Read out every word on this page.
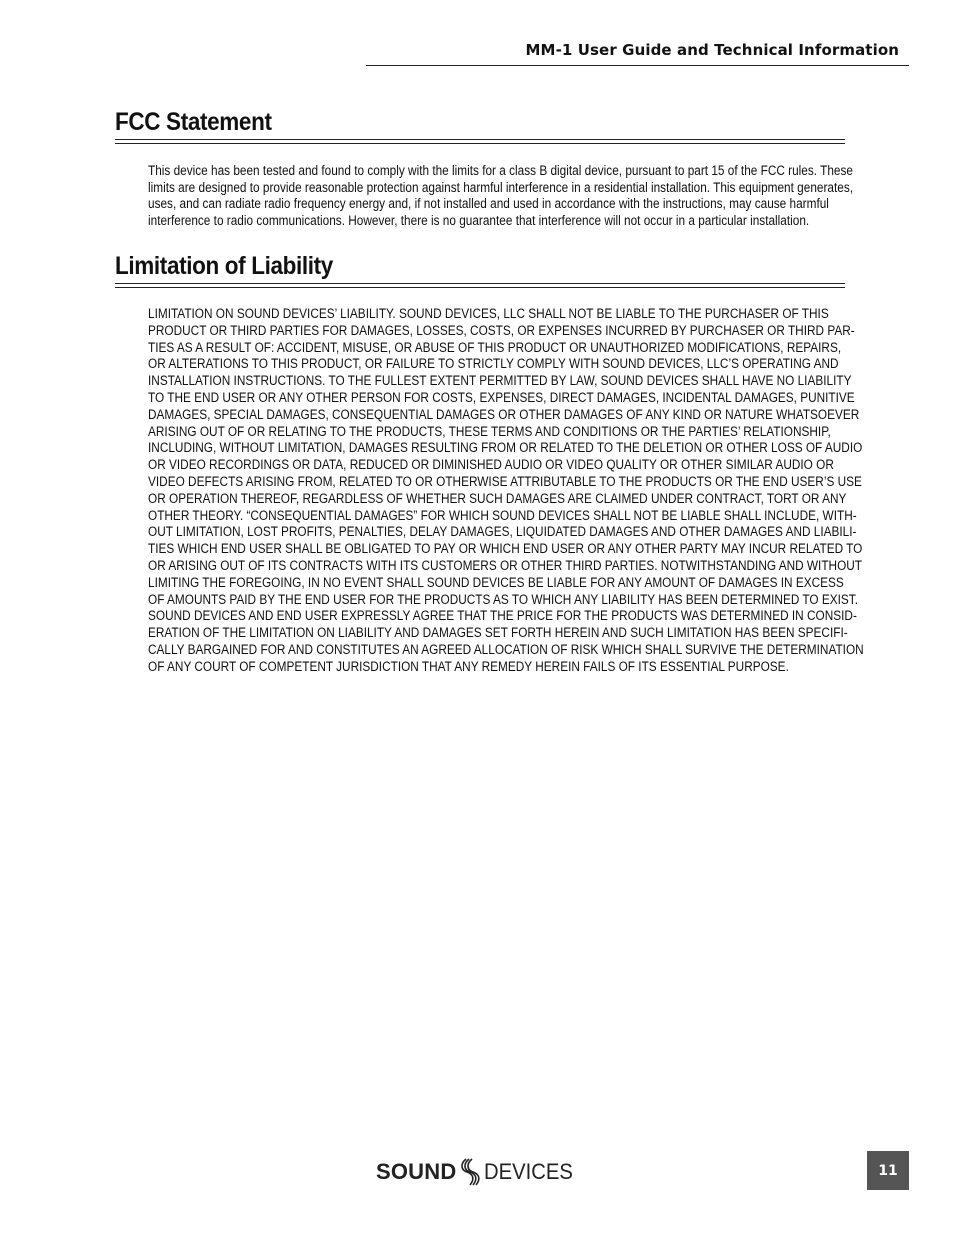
MM-1 User Guide and Technical Information
FCC Statement
This device has been tested and found to comply with the limits for a class B digital device, pursuant to part 15 of the FCC rules. These
limits are designed to provide reasonable protection against harmful interference in a residential installation. This equipment generates,
uses, and can radiate radio frequency energy and, if not installed and used in accordance with the instructions, may cause harmful
interference to radio communications. However, there is no guarantee that interference will not occur in a particular installation.
Limitation of Liability
LIMITATION ON SOUND DEVICES’ LIABILITY. SOUND DEVICES, LLC SHALL NOT BE LIABLE TO THE PURCHASER OF THIS
PRODUCT OR THIRD PARTIES FOR DAMAGES, LOSSES, COSTS, OR EXPENSES INCURRED BY PURCHASER OR THIRD PAR-
TIES AS A RESULT OF: ACCIDENT, MISUSE, OR ABUSE OF THIS PRODUCT OR UNAUTHORIZED MODIFICATIONS, REPAIRS,
OR ALTERATIONS TO THIS PRODUCT, OR FAILURE TO STRICTLY COMPLY WITH SOUND DEVICES, LLC’S OPERATING AND
INSTALLATION INSTRUCTIONS. TO THE FULLEST EXTENT PERMITTED BY LAW, SOUND DEVICES SHALL HAVE NO LIABILITY
TO THE END USER OR ANY OTHER PERSON FOR COSTS, EXPENSES, DIRECT DAMAGES, INCIDENTAL DAMAGES, PUNITIVE
DAMAGES, SPECIAL DAMAGES, CONSEQUENTIAL DAMAGES OR OTHER DAMAGES OF ANY KIND OR NATURE WHATSOEVER
ARISING OUT OF OR RELATING TO THE PRODUCTS, THESE TERMS AND CONDITIONS OR THE PARTIES’ RELATIONSHIP,
INCLUDING, WITHOUT LIMITATION, DAMAGES RESULTING FROM OR RELATED TO THE DELETION OR OTHER LOSS OF AUDIO
OR VIDEO RECORDINGS OR DATA, REDUCED OR DIMINISHED AUDIO OR VIDEO QUALITY OR OTHER SIMILAR AUDIO OR
VIDEO DEFECTS ARISING FROM, RELATED TO OR OTHERWISE ATTRIBUTABLE TO THE PRODUCTS OR THE END USER’S USE
OR OPERATION THEREOF, REGARDLESS OF WHETHER SUCH DAMAGES ARE CLAIMED UNDER CONTRACT, TORT OR ANY
OTHER THEORY. “CONSEQUENTIAL DAMAGES” FOR WHICH SOUND DEVICES SHALL NOT BE LIABLE SHALL INCLUDE, WITH-
OUT LIMITATION, LOST PROFITS, PENALTIES, DELAY DAMAGES, LIQUIDATED DAMAGES AND OTHER DAMAGES AND LIABILI-
TIES WHICH END USER SHALL BE OBLIGATED TO PAY OR WHICH END USER OR ANY OTHER PARTY MAY INCUR RELATED TO
OR ARISING OUT OF ITS CONTRACTS WITH ITS CUSTOMERS OR OTHER THIRD PARTIES. NOTWITHSTANDING AND WITHOUT
LIMITING THE FOREGOING, IN NO EVENT SHALL SOUND DEVICES BE LIABLE FOR ANY AMOUNT OF DAMAGES IN EXCESS
OF AMOUNTS PAID BY THE END USER FOR THE PRODUCTS AS TO WHICH ANY LIABILITY HAS BEEN DETERMINED TO EXIST.
SOUND DEVICES AND END USER EXPRESSLY AGREE THAT THE PRICE FOR THE PRODUCTS WAS DETERMINED IN CONSID-
ERATION OF THE LIMITATION ON LIABILITY AND DAMAGES SET FORTH HEREIN AND SUCH LIMITATION HAS BEEN SPECIFI-
CALLY BARGAINED FOR AND CONSTITUTES AN AGREED ALLOCATION OF RISK WHICH SHALL SURVIVE THE DETERMINATION
OF ANY COURT OF COMPETENT JURISDICTION THAT ANY REMEDY HEREIN FAILS OF ITS ESSENTIAL PURPOSE.
SOUND DEVICES	11
